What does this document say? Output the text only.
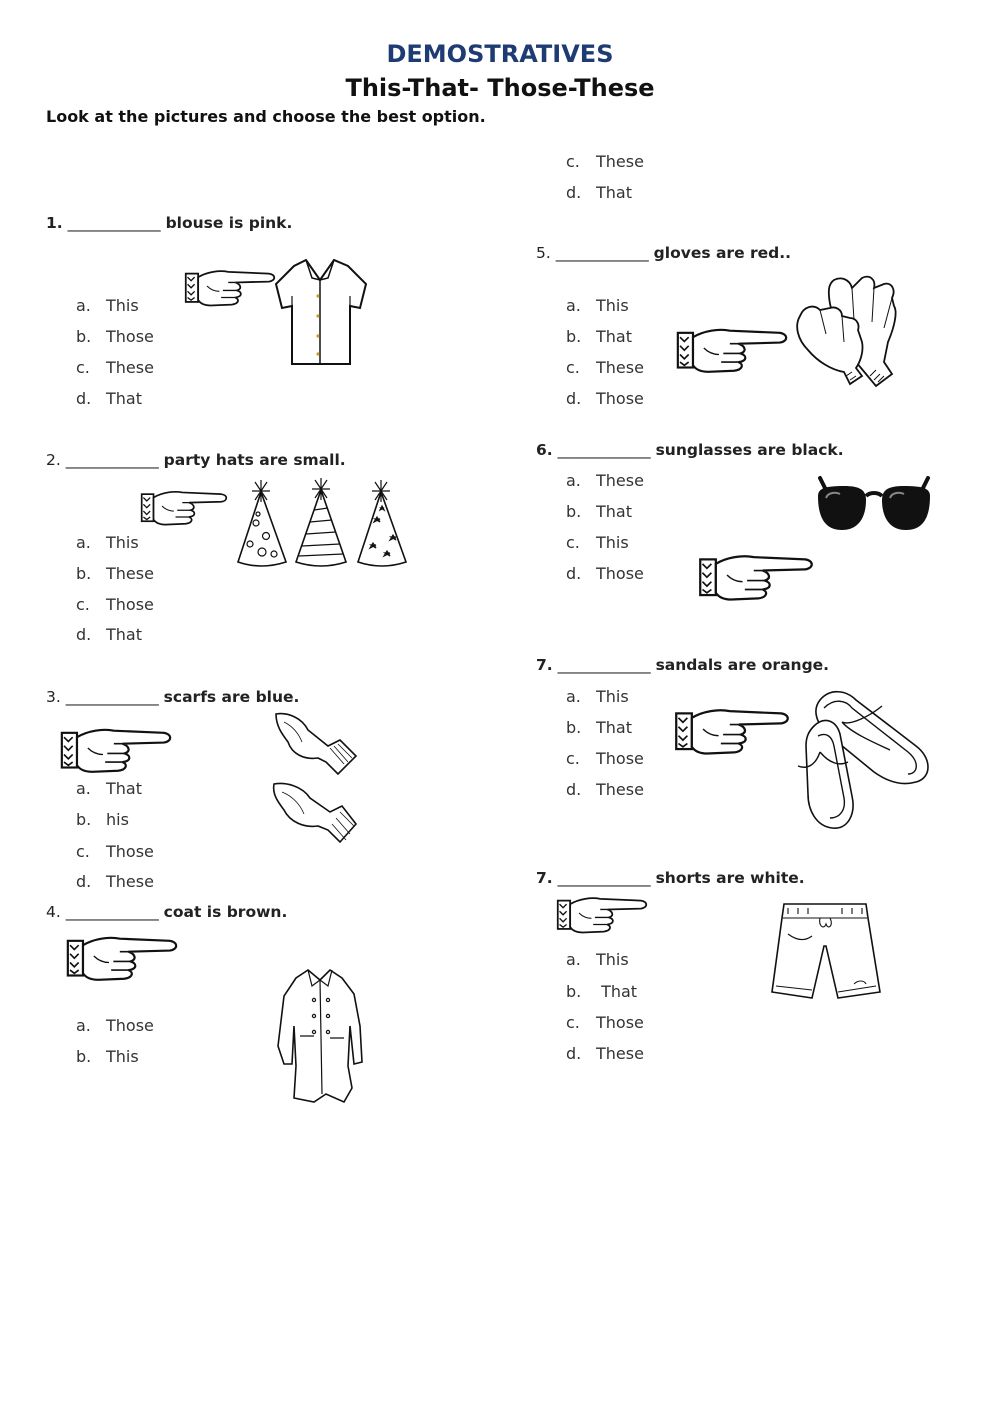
DEMOSTRATIVES
This-That- Those-These
Look at the pictures and choose the best option.
1. ____________ blouse is pink.
a. This
b. Those
c. These
d. That
2. ____________ party hats are small.
a. This
b. These
c. Those
d. That
3. ____________ scarfs are blue.
a. That
b. his
c. Those
d. These
4. ____________ coat is brown.
a. Those
b. This
c. These
d. That
5. ____________ gloves are red..
a. This
b. That
c. These
d. Those
6. ____________ sunglasses are black.
a. These
b. That
c. This
d. Those
7. ____________ sandals are orange.
a. This
b. That
c. Those
d. These
7. ____________ shorts are white.
a. This
b. That
c. Those
d. These
